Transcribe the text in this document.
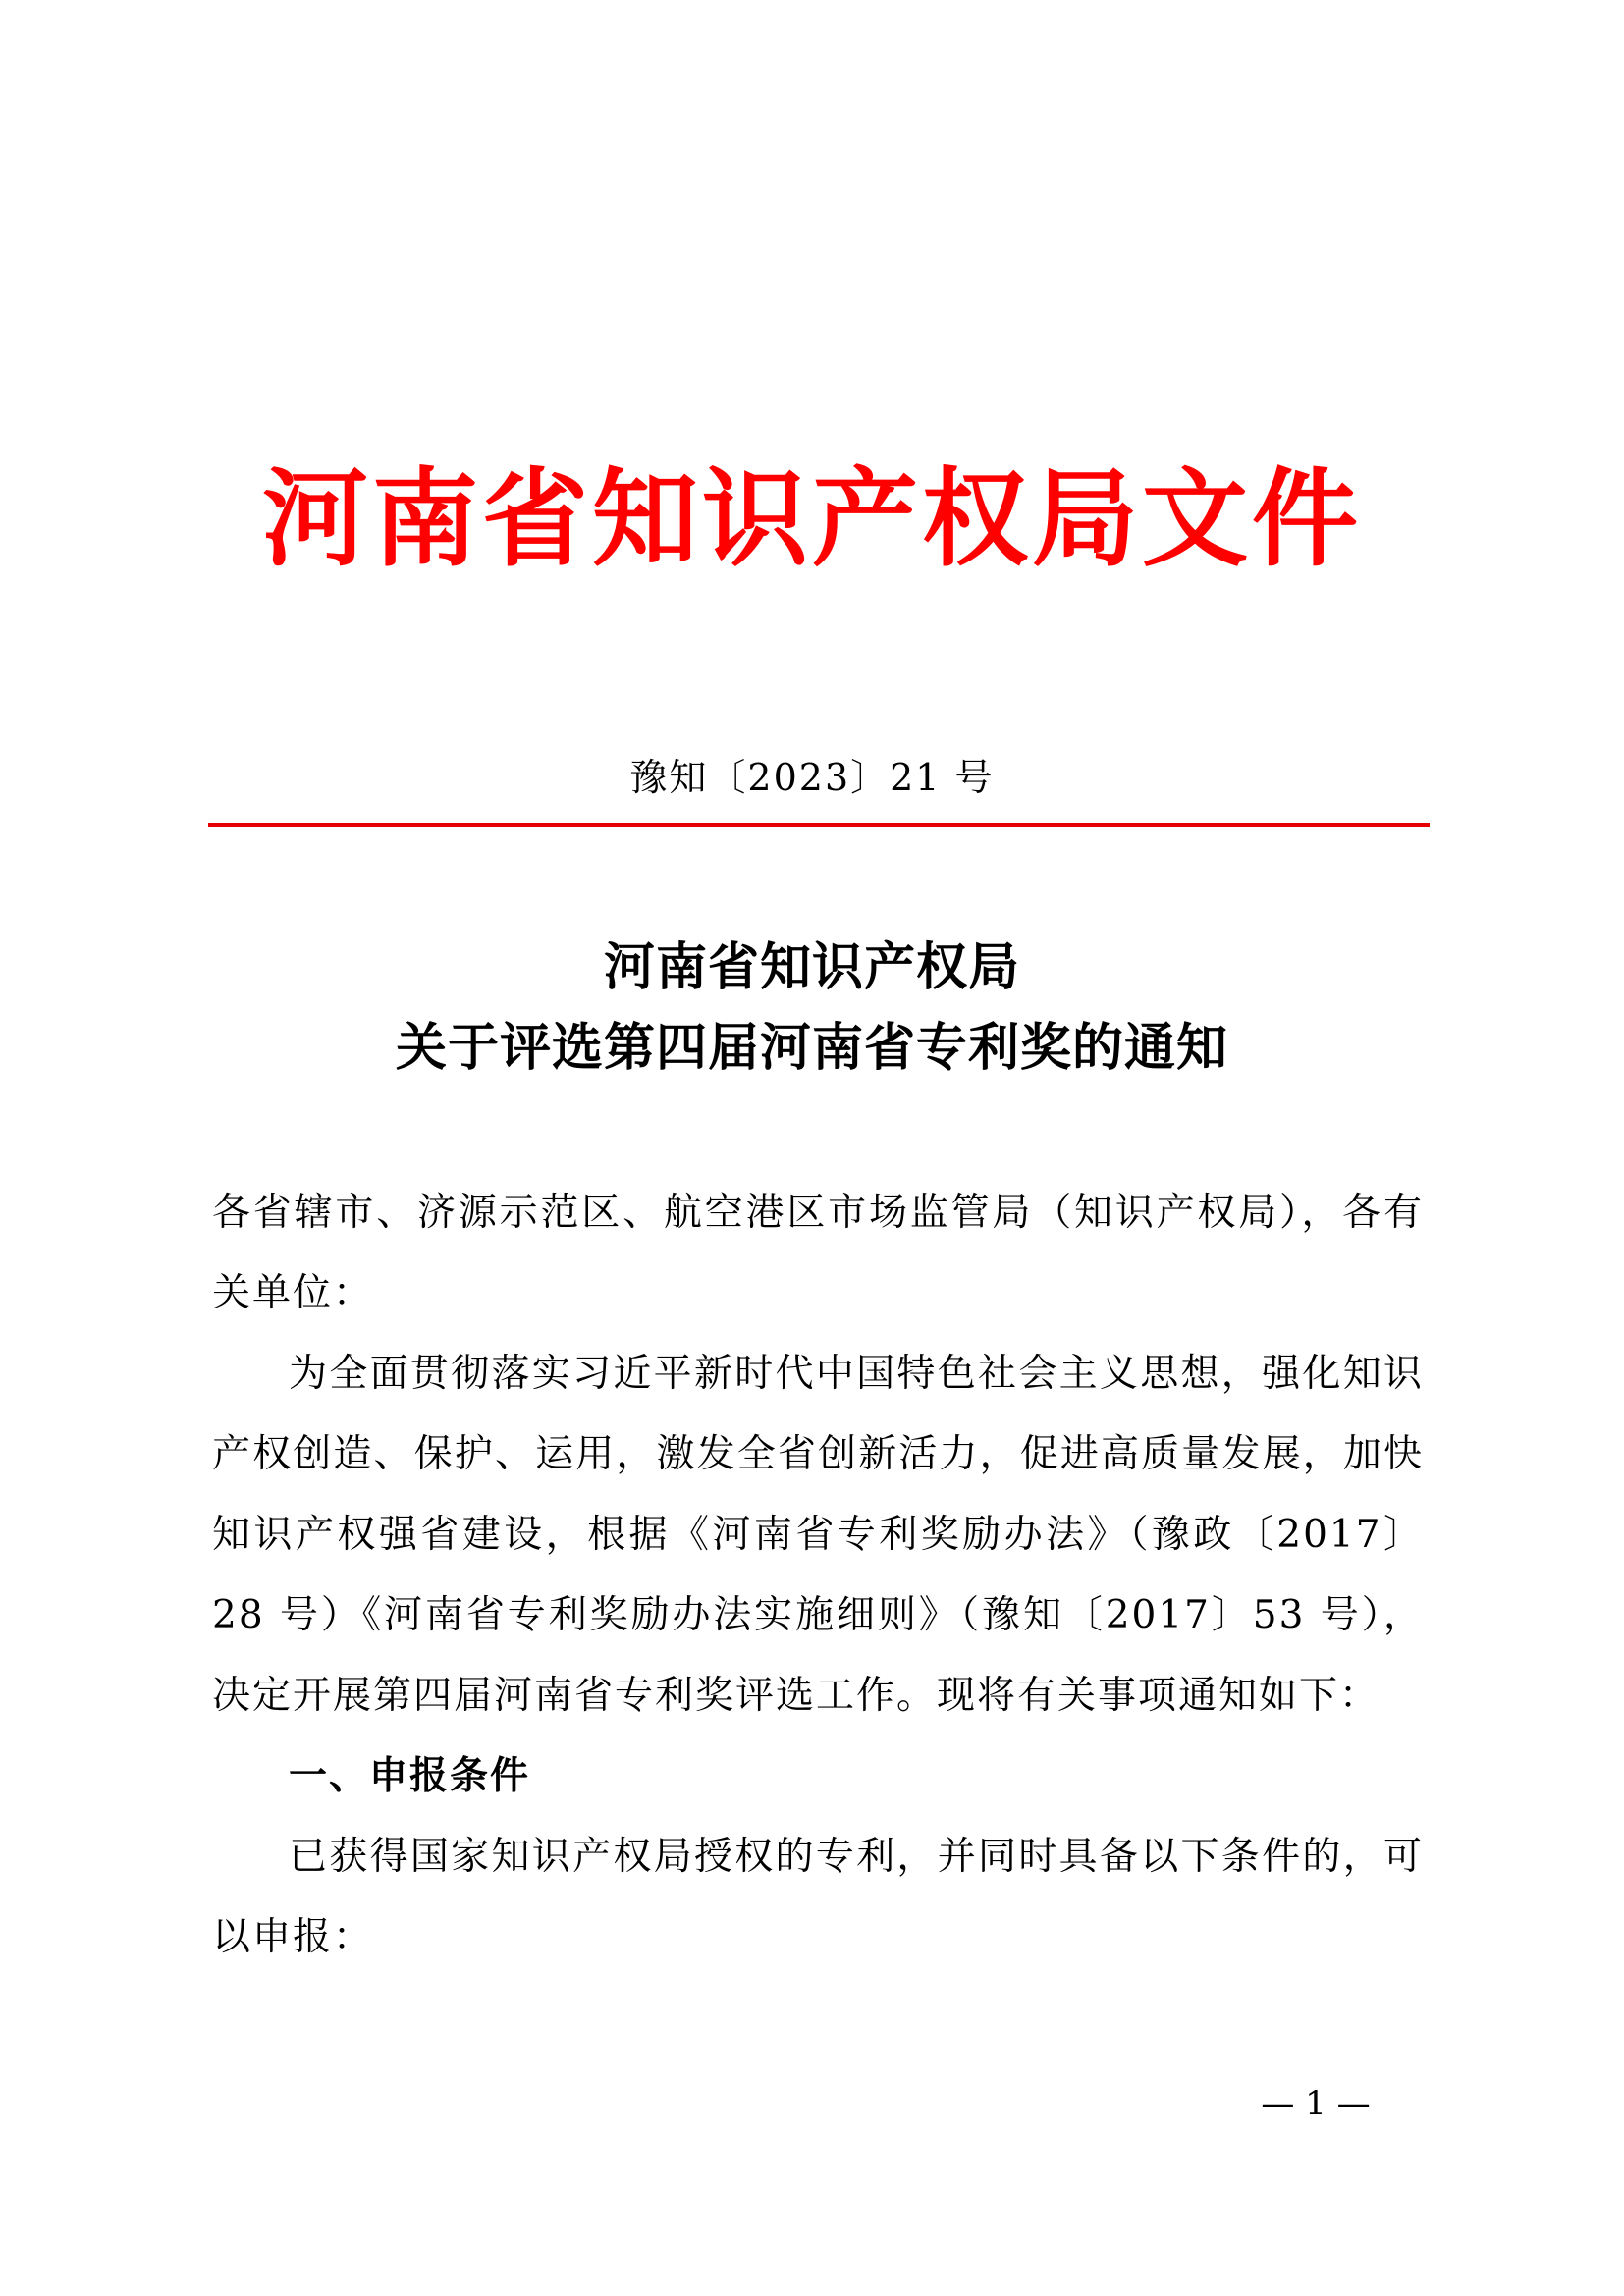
河南省知识产权局文件
豫知〔2023〕21 号
河南省知识产权局
关于评选第四届河南省专利奖的通知

各省辖市、济源示范区、航空港区市场监管局（知识产权局），各有关单位：

为全面贯彻落实习近平新时代中国特色社会主义思想，强化知识产权创造、保护、运用，激发全省创新活力，促进高质量发展，加快知识产权强省建设，根据《河南省专利奖励办法》（豫政〔2017〕28 号）《河南省专利奖励办法实施细则》（豫知〔2017〕53 号），决定开展第四届河南省专利奖评选工作。现将有关事项通知如下：

一、申报条件

已获得国家知识产权局授权的专利，并同时具备以下条件的，可以申报：

— 1 —
